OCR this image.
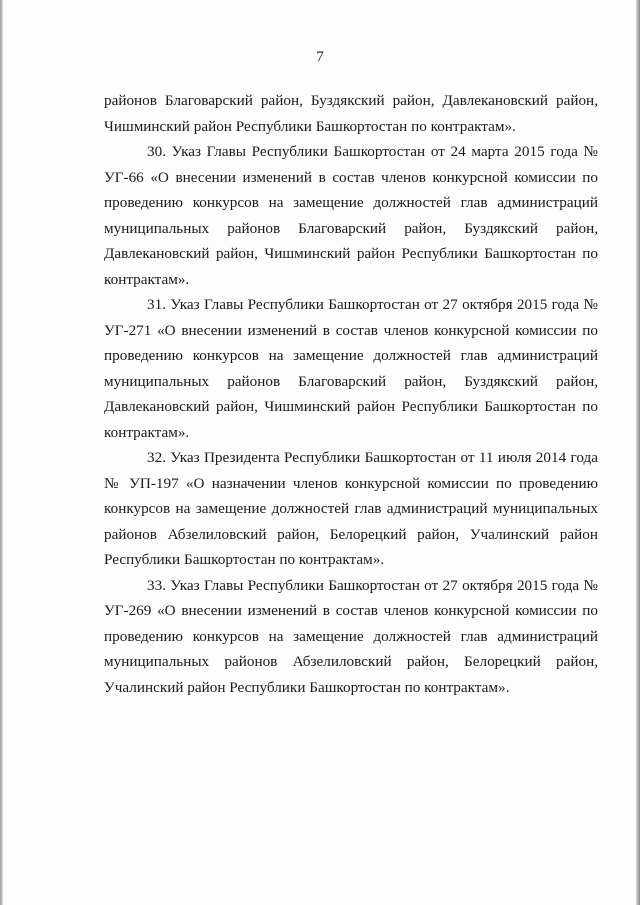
7

районов Благоварский район, Буздякский район, Давлекановский район, Чишминский район Республики Башкортостан по контрактам».

30. Указ Главы Республики Башкортостан от 24 марта 2015 года № УГ-66 «О внесении изменений в состав членов конкурсной комиссии по проведению конкурсов на замещение должностей глав администраций муниципальных районов Благоварский район, Буздякский район, Давлекановский район, Чишминский район Республики Башкортостан по контрактам».

31. Указ Главы Республики Башкортостан от 27 октября 2015 года № УГ-271 «О внесении изменений в состав членов конкурсной комиссии по проведению конкурсов на замещение должностей глав администраций муниципальных районов Благоварский район, Буздякский район, Давлекановский район, Чишминский район Республики Башкортостан по контрактам».

32. Указ Президента Республики Башкортостан от 11 июля 2014 года № УП-197 «О назначении членов конкурсной комиссии по проведению конкурсов на замещение должностей глав администраций муниципальных районов Абзелиловский район, Белорецкий район, Учалинский район Республики Башкортостан по контрактам».

33. Указ Главы Республики Башкортостан от 27 октября 2015 года № УГ-269 «О внесении изменений в состав членов конкурсной комиссии по проведению конкурсов на замещение должностей глав администраций муниципальных районов Абзелиловский район, Белорецкий район, Учалинский район Республики Башкортостан по контрактам».
